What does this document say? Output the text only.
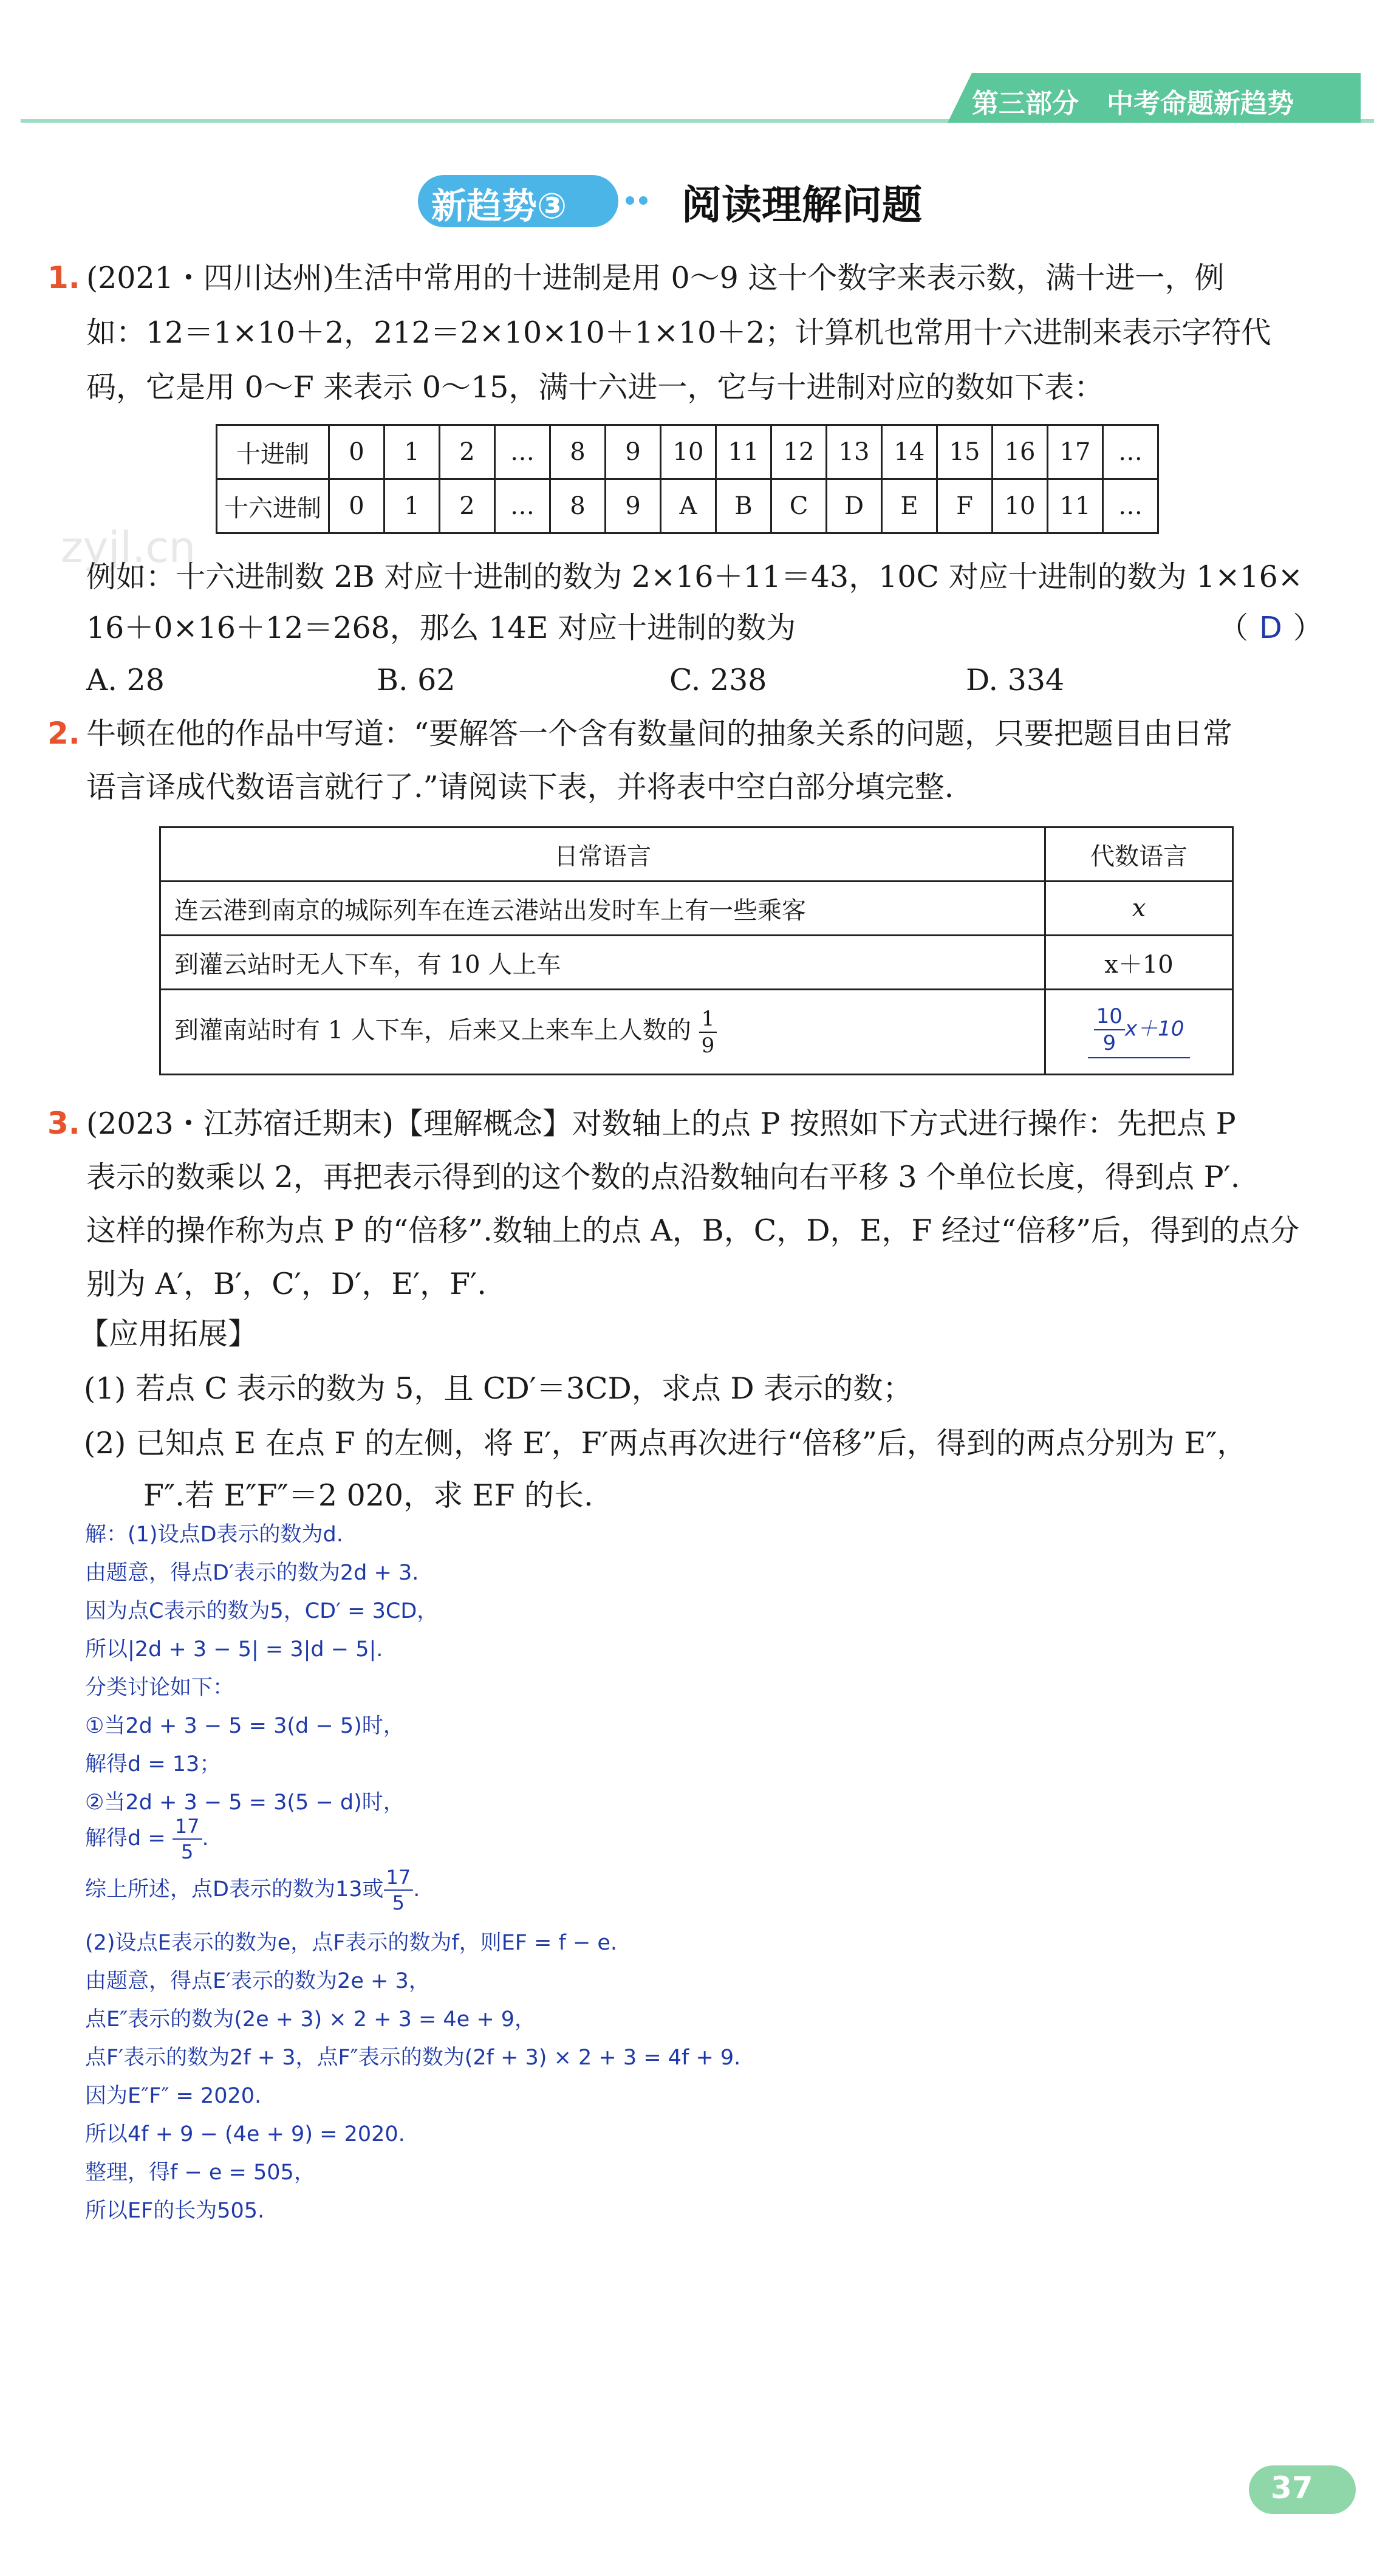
第三部分 中考命题新趋势
新趋势③	阅读理解问题
1. (2021・四川达州)生活中常用的十进制是用 0～9 这十个数字来表示数，满十进一，例
如：12＝1×10＋2，212＝2×10×10＋1×10＋2；计算机也常用十六进制来表示字符代
码，它是用 0～F 来表示 0～15，满十六进一，它与十进制对应的数如下表：
十进制	0	1	2	…	8	9	10	11	12	13	14	15	16	17	…
十六进制	0	1	2	…	8	9	A	B	C	D	E	F	10	11	…
zyjl.cn
例如：十六进制数 2B 对应十进制的数为 2×16＋11＝43，10C 对应十进制的数为 1×16×
16＋0×16＋12＝268，那么 14E 对应十进制的数为	（ D ）
A. 28	B. 62	C. 238	D. 334
2. 牛顿在他的作品中写道：“要解答一个含有数量间的抽象关系的问题，只要把题目由日常
语言译成代数语言就行了.”请阅读下表，并将表中空白部分填完整.
日常语言	代数语言
连云港到南京的城际列车在连云港站出发时车上有一些乘客	x
到灌云站时无人下车，有 10 人上车	x＋10
到灌南站时有 1 人下车，后来又上来车上人数的 $\frac{1}{9}$	$\frac{10}{9} x+10$
3. (2023・江苏宿迁期末)【理解概念】对数轴上的点 P 按照如下方式进行操作：先把点 P
表示的数乘以 2，再把表示得到的这个数的点沿数轴向右平移 3 个单位长度，得到点 P′.
这样的操作称为点 P 的“倍移”.数轴上的点 A，B，C，D，E，F 经过“倍移”后，得到的点分
别为 A′，B′，C′，D′，E′，F′.
【应用拓展】
(1) 若点 C 表示的数为 5，且 CD′＝3CD，求点 D 表示的数；
(2) 已知点 E 在点 F 的左侧，将 E′，F′两点再次进行“倍移”后，得到的两点分别为 E″，
F″.若 E″F″＝2 020，求 EF 的长.
解：(1)设点D表示的数为d.
由题意，得点D′表示的数为2d + 3.
因为点C表示的数为5，CD′ = 3CD，
所以|2d + 3 − 5| = 3|d − 5|.
分类讨论如下：
①当2d + 3 − 5 = 3(d − 5)时，
解得d = 13；
②当2d + 3 − 5 = 3(5 − d)时，
解得$d = \frac{17}{5}$ .
综上所述，点D表示的数为13或 $\frac{17}{5}$ .
(2)设点E表示的数为e，点F表示的数为f，则EF = f − e.
由题意，得点E′表示的数为2e + 3，
点E″表示的数为(2e + 3) × 2 + 3 = 4e + 9，
点F′表示的数为2f + 3，点F″表示的数为(2f + 3) × 2 + 3 = 4f + 9.
因为E″F″ = 2020.
所以4f + 9 − (4e + 9) = 2020.
整理，得f − e = 505，
所以EF的长为505.
37
